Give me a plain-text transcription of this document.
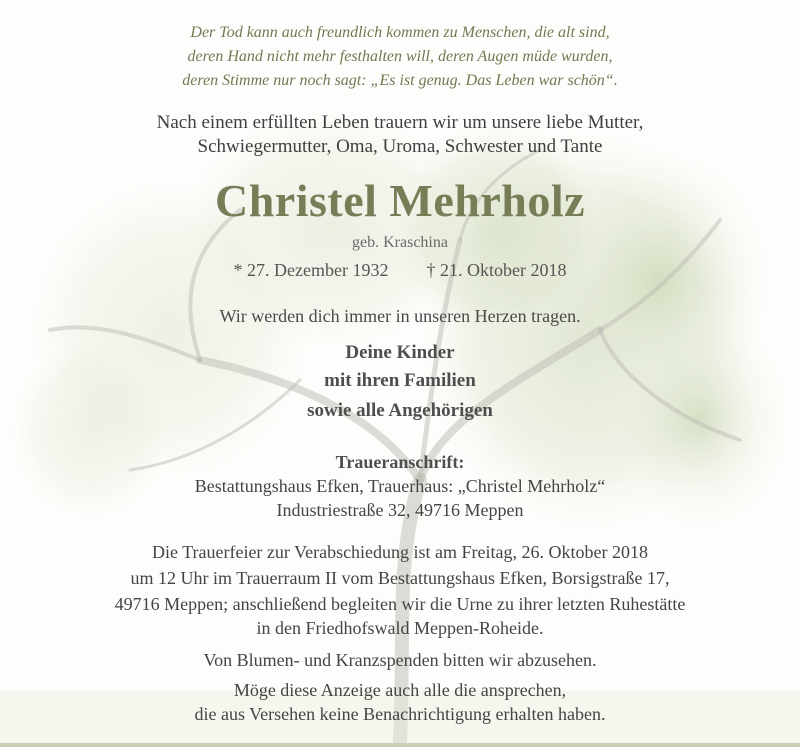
Der Tod kann auch freundlich kommen zu Menschen, die alt sind,
deren Hand nicht mehr festhalten will, deren Augen müde wurden,
deren Stimme nur noch sagt: „Es ist genug. Das Leben war schön“.
Nach einem erfüllten Leben trauern wir um unsere liebe Mutter,
Schwiegermutter, Oma, Uroma, Schwester und Tante
Christel Mehrholz
geb. Kraschina
* 27. Dezember 1932 † 21. Oktober 2018
Wir werden dich immer in unseren Herzen tragen.
Deine Kinder
mit ihren Familien
sowie alle Angehörigen
Traueranschrift:
Bestattungshaus Efken, Trauerhaus: „Christel Mehrholz“
Industriestraße 32, 49716 Meppen
Die Trauerfeier zur Verabschiedung ist am Freitag, 26. Oktober 2018
um 12 Uhr im Trauerraum II vom Bestattungshaus Efken, Borsigstraße 17,
49716 Meppen; anschließend begleiten wir die Urne zu ihrer letzten Ruhestätte
in den Friedhofswald Meppen-Roheide.
Von Blumen- und Kranzspenden bitten wir abzusehen.
Möge diese Anzeige auch alle die ansprechen,
die aus Versehen keine Benachrichtigung erhalten haben.
